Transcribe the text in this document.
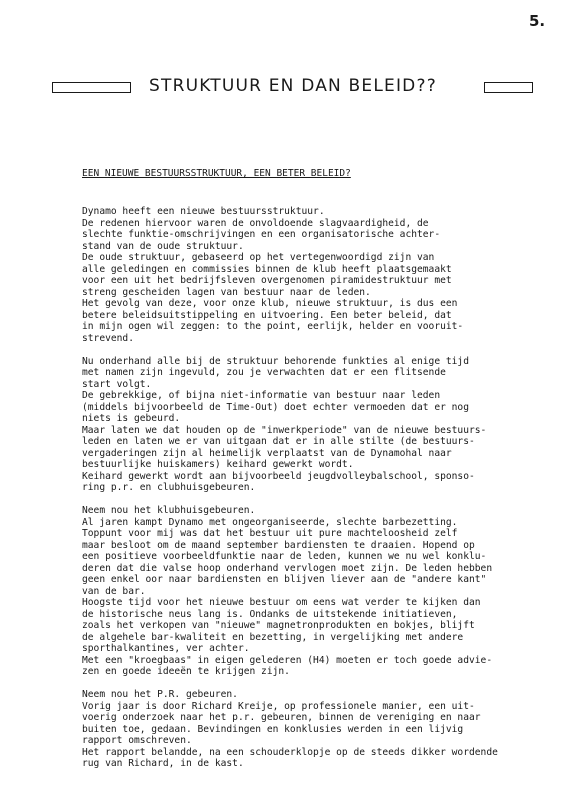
5.
STRUKTUUR EN DAN BELEID??
EEN NIEUWE BESTUURSSTRUKTUUR, EEN BETER BELEID?
Dynamo heeft een nieuwe bestuursstruktuur.
De redenen hiervoor waren de onvoldoende slagvaardigheid, de
slechte funktie-omschrijvingen en een organisatorische achter-
stand van de oude struktuur.
De oude struktuur, gebaseerd op het vertegenwoordigd zijn van
alle geledingen en commissies binnen de klub heeft plaatsgemaakt
voor een uit het bedrijfsleven overgenomen piramidestruktuur met
streng gescheiden lagen van bestuur naar de leden.
Het gevolg van deze, voor onze klub, nieuwe struktuur, is dus een
betere beleidsuitstippeling en uitvoering. Een beter beleid, dat
in mijn ogen wil zeggen: to the point, eerlijk, helder en vooruit-
strevend.
Nu onderhand alle bij de struktuur behorende funkties al enige tijd
met namen zijn ingevuld, zou je verwachten dat er een flitsende
start volgt.
De gebrekkige, of bijna niet-informatie van bestuur naar leden
(middels bijvoorbeeld de Time-Out) doet echter vermoeden dat er nog
niets is gebeurd.
Maar laten we dat houden op de "inwerkperiode" van de nieuwe bestuurs-
leden en laten we er van uitgaan dat er in alle stilte (de bestuurs-
vergaderingen zijn al heimelijk verplaatst van de Dynamohal naar
bestuurlijke huiskamers) keihard gewerkt wordt.
Keihard gewerkt wordt aan bijvoorbeeld jeugdvolleybalschool, sponso-
ring p.r. en clubhuisgebeuren.
Neem nou het klubhuisgebeuren.
Al jaren kampt Dynamo met ongeorganiseerde, slechte barbezetting.
Toppunt voor mij was dat het bestuur uit pure machteloosheid zelf
maar besloot om de maand september bardiensten te draaien. Hopend op
een positieve voorbeeldfunktie naar de leden, kunnen we nu wel konklu-
deren dat die valse hoop onderhand vervlogen moet zijn. De leden hebben
geen enkel oor naar bardiensten en blijven liever aan de "andere kant"
van de bar.
Hoogste tijd voor het nieuwe bestuur om eens wat verder te kijken dan
de historische neus lang is. Ondanks de uitstekende initiatieven,
zoals het verkopen van "nieuwe" magnetronprodukten en bokjes, blijft
de algehele bar-kwaliteit en bezetting, in vergelijking met andere
sporthalkantines, ver achter.
Met een "kroegbaas" in eigen gelederen (H4) moeten er toch goede advie-
zen en goede ideeën te krijgen zijn.
Neem nou het P.R. gebeuren.
Vorig jaar is door Richard Kreije, op professionele manier, een uit-
voerig onderzoek naar het p.r. gebeuren, binnen de vereniging en naar
buiten toe, gedaan. Bevindingen en konklusies werden in een lijvig
rapport omschreven.
Het rapport belandde, na een schouderklopje op de steeds dikker wordende
rug van Richard, in de kast.
